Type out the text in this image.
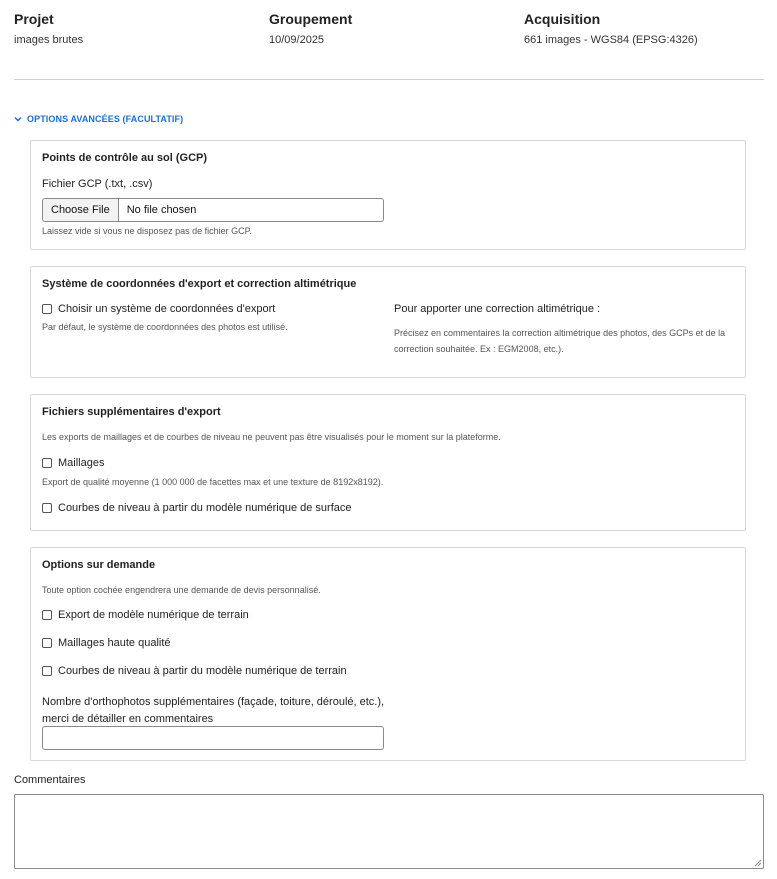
Projet
images brutes
Groupement
10/09/2025
Acquisition
661 images - WGS84 (EPSG:4326)
OPTIONS AVANCÉES (FACULTATIF)
Points de contrôle au sol (GCP)
Fichier GCP (.txt, .csv)
Choose File	No file chosen
Laissez vide si vous ne disposez pas de fichier GCP.
Système de coordonnées d'export et correction altimétrique
Choisir un système de coordonnées d'export
Par défaut, le système de coordonnées des photos est utilisé.
Pour apporter une correction altimétrique :
Précisez en commentaires la correction altimétrique des photos, des GCPs et de la correction souhaitée. Ex : EGM2008, etc.).
Fichiers supplémentaires d'export
Les exports de maillages et de courbes de niveau ne peuvent pas être visualisés pour le moment sur la plateforme.
Maillages
Export de qualité moyenne (1 000 000 de facettes max et une texture de 8192x8192).
Courbes de niveau à partir du modèle numérique de surface
Options sur demande
Toute option cochée engendrera une demande de devis personnalisé.
Export de modèle numérique de terrain
Maillages haute qualité
Courbes de niveau à partir du modèle numérique de terrain
Nombre d'orthophotos supplémentaires (façade, toiture, déroulé, etc.),
merci de détailler en commentaires
Commentaires
